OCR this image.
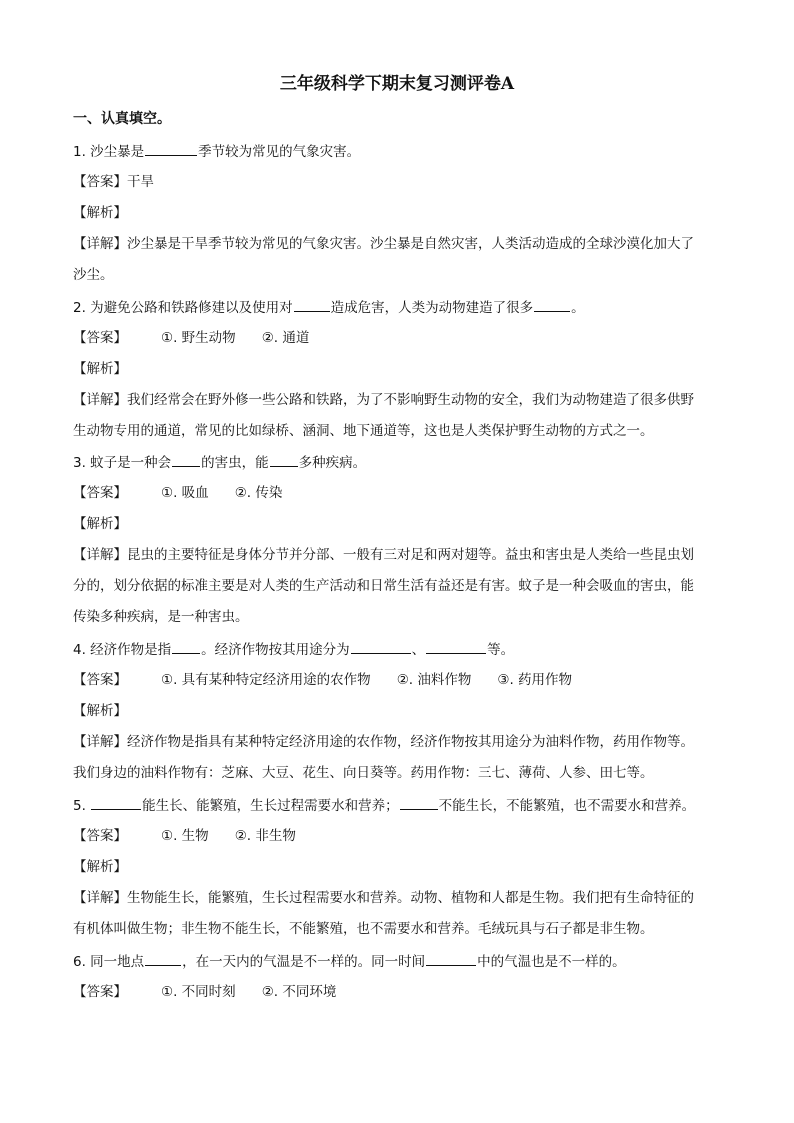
三年级科学下期末复习测评卷A
一、认真填空。
1. 沙尘暴是	季节较为常见的气象灾害。
【答案】干旱
【解析】
【详解】沙尘暴是干旱季节较为常见的气象灾害。沙尘暴是自然灾害，人类活动造成的全球沙漠化加大了
沙尘。
2. 为避免公路和铁路修建以及使用对	造成危害，人类为动物建造了很多	。
【答案】	①. 野生动物 ②. 通道
【解析】
【详解】我们经常会在野外修一些公路和铁路，为了不影响野生动物的安全，我们为动物建造了很多供野
生动物专用的通道，常见的比如绿桥、涵洞、地下通道等，这也是人类保护野生动物的方式之一。
3. 蚊子是一种会 的害虫，能 多种疾病。
【答案】	①. 吸血 ②. 传染
【解析】
【详解】昆虫的主要特征是身体分节并分部、一般有三对足和两对翅等。益虫和害虫是人类给一些昆虫划
分的，划分依据的标准主要是对人类的生产活动和日常生活有益还是有害。蚊子是一种会吸血的害虫，能
传染多种疾病，是一种害虫。
4. 经济作物是指 。经济作物按其用途分为	、	等。
【答案】	①. 具有某种特定经济用途的农作物 ②. 油料作物 ③. 药用作物
【解析】
【详解】经济作物是指具有某种特定经济用途的农作物，经济作物按其用途分为油料作物，药用作物等。
我们身边的油料作物有：芝麻、大豆、花生、向日葵等。药用作物：三七、薄荷、人参、田七等。
5.	能生长、能繁殖，生长过程需要水和营养；	不能生长，不能繁殖，也不需要水和营养。
【答案】	①. 生物 ②. 非生物
【解析】
【详解】生物能生长，能繁殖，生长过程需要水和营养。动物、植物和人都是生物。我们把有生命特征的
有机体叫做生物；非生物不能生长，不能繁殖，也不需要水和营养。毛绒玩具与石子都是非生物。
6. 同一地点	，在一天内的气温是不一样的。同一时间	中的气温也是不一样的。
【答案】	①. 不同时刻 ②. 不同环境
